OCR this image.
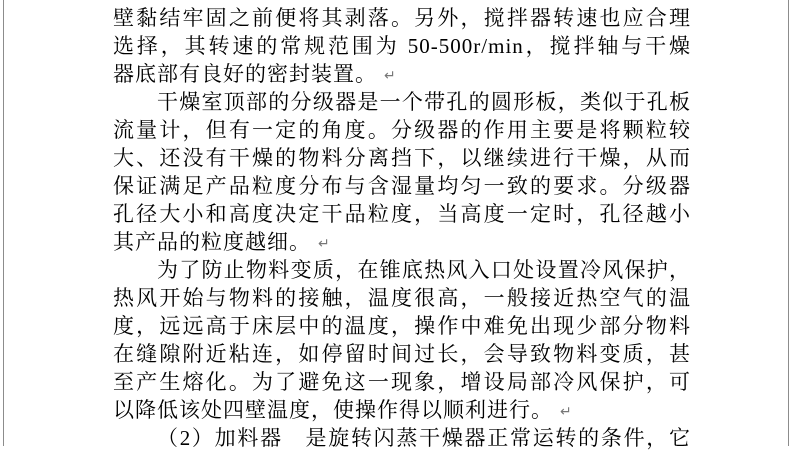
壁黏结牢固之前便将其剥落。另外，搅拌器转速也应合理
选择，其转速的常规范围为 50-500r/min，搅拌轴与干燥
器底部有良好的密封装置。 ↵
干燥室顶部的分级器是一个带孔的圆形板，类似于孔板
流量计，但有一定的角度。分级器的作用主要是将颗粒较
大、还没有干燥的物料分离挡下，以继续进行干燥，从而
保证满足产品粒度分布与含湿量均匀一致的要求。分级器
孔径大小和高度决定干品粒度，当高度一定时，孔径越小
其产品的粒度越细。 ↵
为了防止物料变质，在锥底热风入口处设置冷风保护，
热风开始与物料的接触，温度很高，一般接近热空气的温
度，远远高于床层中的温度，操作中难免出现少部分物料
在缝隙附近粘连，如停留时间过长，会导致物料变质，甚
至产生熔化。为了避免这一现象，增设局部冷风保护，可
以降低该处四壁温度，使操作得以顺利进行。 ↵
（2）加料器　是旋转闪蒸干燥器正常运转的条件，它
